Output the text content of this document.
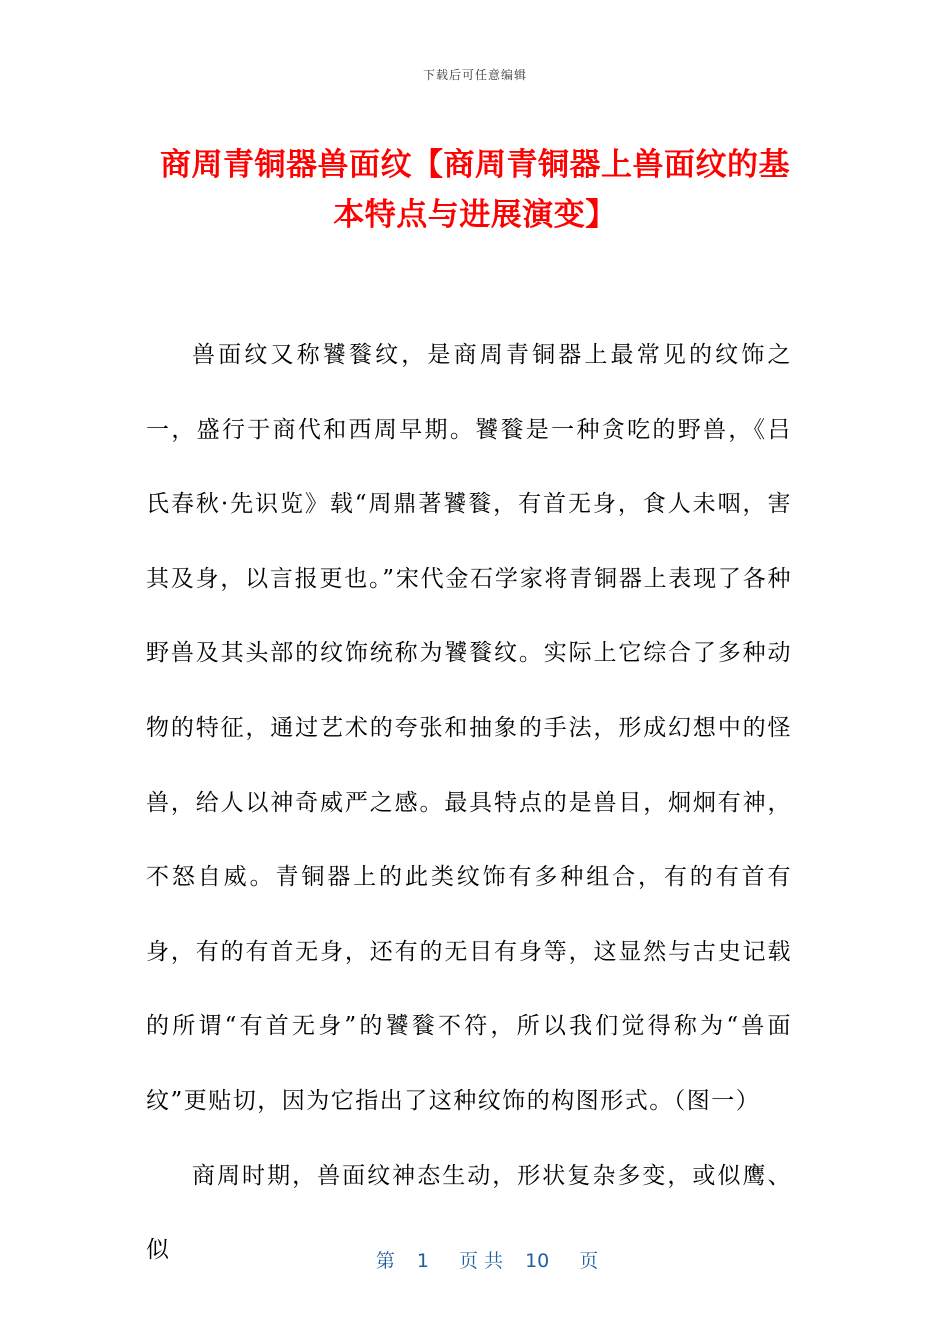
下载后可任意编辑
商周青铜器兽面纹【商周青铜器上兽面纹的基本特点与进展演变】

兽面纹又称饕餮纹，是商周青铜器上最常见的纹饰之一，盛行于商代和西周早期。饕餮是一种贪吃的野兽，《吕氏春秋·先识览》载“周鼎著饕餮，有首无身，食人未咽，害其及身，以言报更也。”宋代金石学家将青铜器上表现了各种野兽及其头部的纹饰统称为饕餮纹。实际上它综合了多种动物的特征，通过艺术的夸张和抽象的手法，形成幻想中的怪兽，给人以神奇威严之感。最具特点的是兽目，炯炯有神，不怒自威。青铜器上的此类纹饰有多种组合，有的有首有身，有的有首无身，还有的无目有身等，这显然与古史记载的所谓“有首无身”的饕餮不符，所以我们觉得称为“兽面纹”更贴切，因为它指出了这种纹饰的构图形式。（图一）

商周时期，兽面纹神态生动，形状复杂多变，或似鹰、似	第 1 页 共 10 页
